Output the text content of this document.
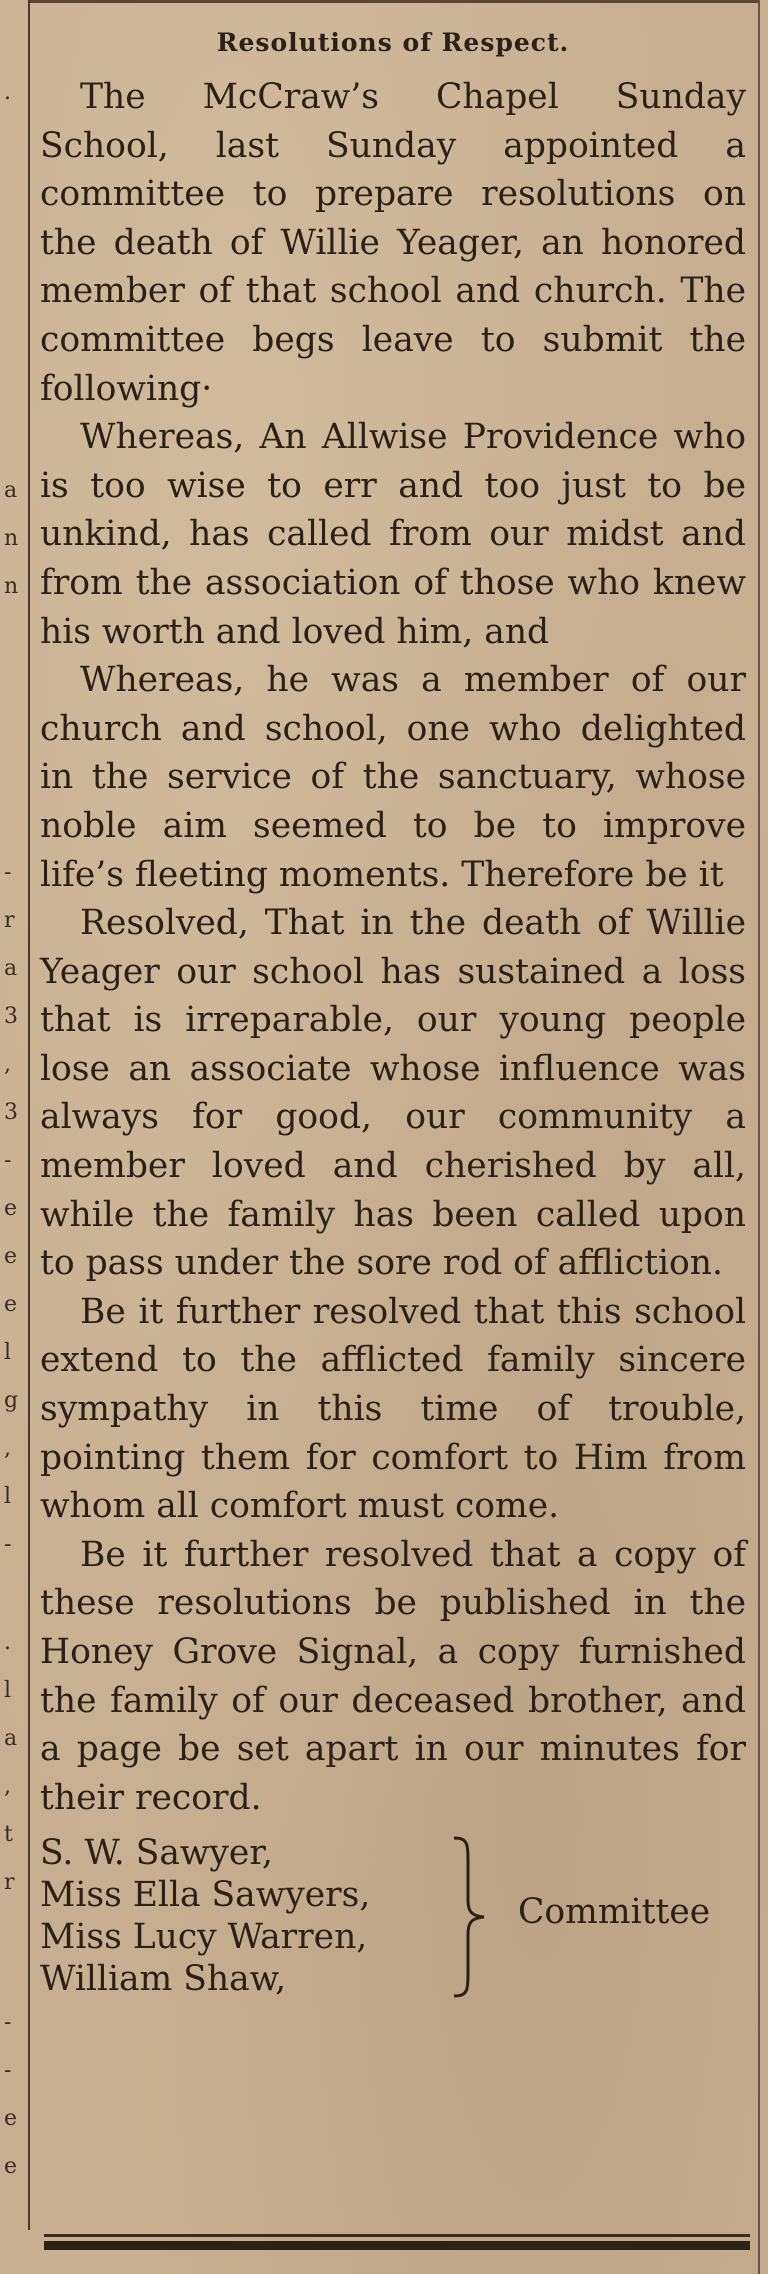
.
a
n
n
-
r
a
3
,
3
-
e
e
e
l
g
,
l
-
.
l
a
,
t
r
-
-
e
e
Resolutions of Respect.

The McCraw’s Chapel Sunday School, last Sunday appointed a committee to prepare resolutions on the death of Willie Yeager, an honored member of that school and church. The committee begs leave to submit the following·

Whereas, An Allwise Providence who is too wise to err and too just to be unkind, has called from our midst and from the association of those who knew his worth and loved him, and

Whereas, he was a member of our church and school, one who delighted in the service of the sanctuary, whose noble aim seemed to be to improve life’s fleeting moments. Therefore be it

Resolved, That in the death of Willie Yeager our school has sustained a loss that is irreparable, our young people lose an associate whose influence was always for good, our community a member loved and cherished by all, while the family has been called upon to pass under the sore rod of affliction.

Be it further resolved that this school extend to the afflicted family sincere sympathy in this time of trouble, pointing them for comfort to Him from whom all comfort must come.

Be it further resolved that a copy of these resolutions be published in the Honey Grove Signal, a copy furnished the family of our deceased brother, and a page be set apart in our minutes for their record.

S. W. Sawyer,
Miss Ella Sawyers,
Miss Lucy Warren,
William Shaw,
Committee
